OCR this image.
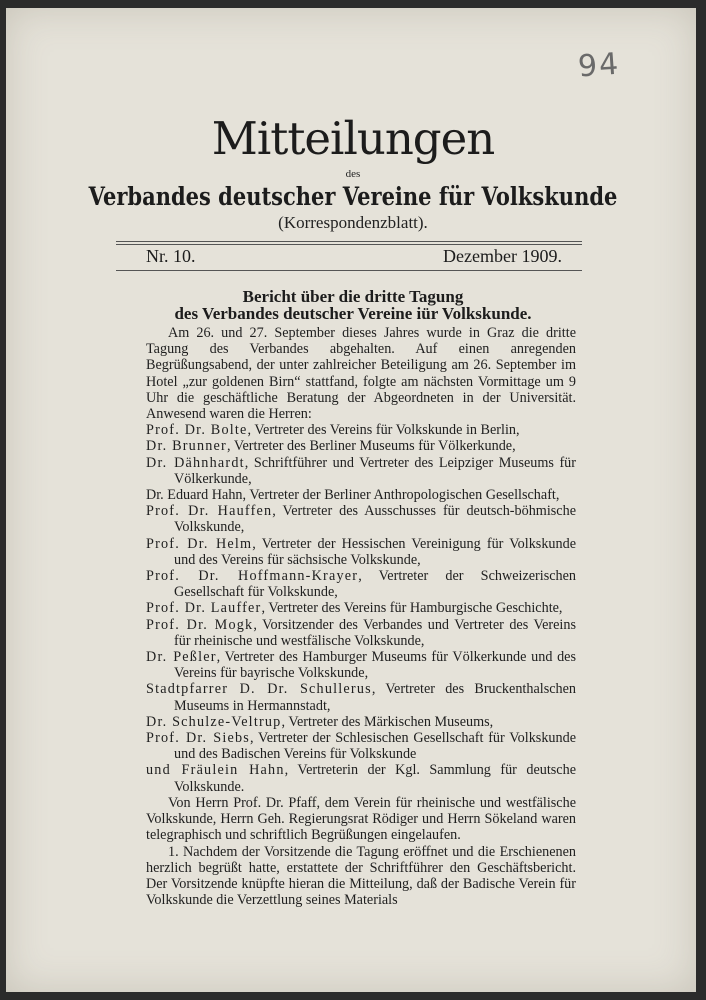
94
Mitteilungen
des
Verbandes deutscher Vereine für Volkskunde
(Korrespondenzblatt).
Nr. 10.	Dezember 1909.
Bericht über die dritte Tagung
des Verbandes deutscher Vereine iür Volkskunde.

Am 26. und 27. September dieses Jahres wurde in Graz die dritte Tagung des Verbandes abgehalten. Auf einen anregenden Begrüßungsabend, der unter zahlreicher Beteiligung am 26. September im Hotel „zur goldenen Birn“ stattfand, folgte am nächsten Vormittage um 9 Uhr die geschäftliche Beratung der Abgeordneten in der Universität. Anwesend waren die Herren:

Prof. Dr. Bolte, Vertreter des Vereins für Volkskunde in Berlin,

Dr. Brunner, Vertreter des Berliner Museums für Völkerkunde,

Dr. Dähnhardt, Schriftführer und Vertreter des Leipziger Museums für Völkerkunde,

Dr. Eduard Hahn, Vertreter der Berliner Anthropologischen Gesellschaft,

Prof. Dr. Hauffen, Vertreter des Ausschusses für deutsch-böhmische Volkskunde,

Prof. Dr. Helm, Vertreter der Hessischen Vereinigung für Volkskunde und des Vereins für sächsische Volkskunde,

Prof. Dr. Hoffmann-Krayer, Vertreter der Schweizerischen Gesellschaft für Volkskunde,

Prof. Dr. Lauffer, Vertreter des Vereins für Hamburgische Geschichte,

Prof. Dr. Mogk, Vorsitzender des Verbandes und Vertreter des Vereins für rheinische und westfälische Volkskunde,

Dr. Peßler, Vertreter des Hamburger Museums für Völkerkunde und des Vereins für bayrische Volkskunde,

Stadtpfarrer D. Dr. Schullerus, Vertreter des Bruckenthalschen Museums in Hermannstadt,

Dr. Schulze-Veltrup, Vertreter des Märkischen Museums,

Prof. Dr. Siebs, Vertreter der Schlesischen Gesellschaft für Volkskunde und des Badischen Vereins für Volkskunde

und Fräulein Hahn, Vertreterin der Kgl. Sammlung für deutsche Volkskunde.

Von Herrn Prof. Dr. Pfaff, dem Verein für rheinische und westfälische Volkskunde, Herrn Geh. Regierungsrat Rödiger und Herrn Sökeland waren telegraphisch und schriftlich Begrüßungen eingelaufen.

1. Nachdem der Vorsitzende die Tagung eröffnet und die Erschienenen herzlich begrüßt hatte, erstattete der Schriftführer den Geschäftsbericht. Der Vorsitzende knüpfte hieran die Mitteilung, daß der Badische Verein für Volkskunde die Verzettlung seines Materials
